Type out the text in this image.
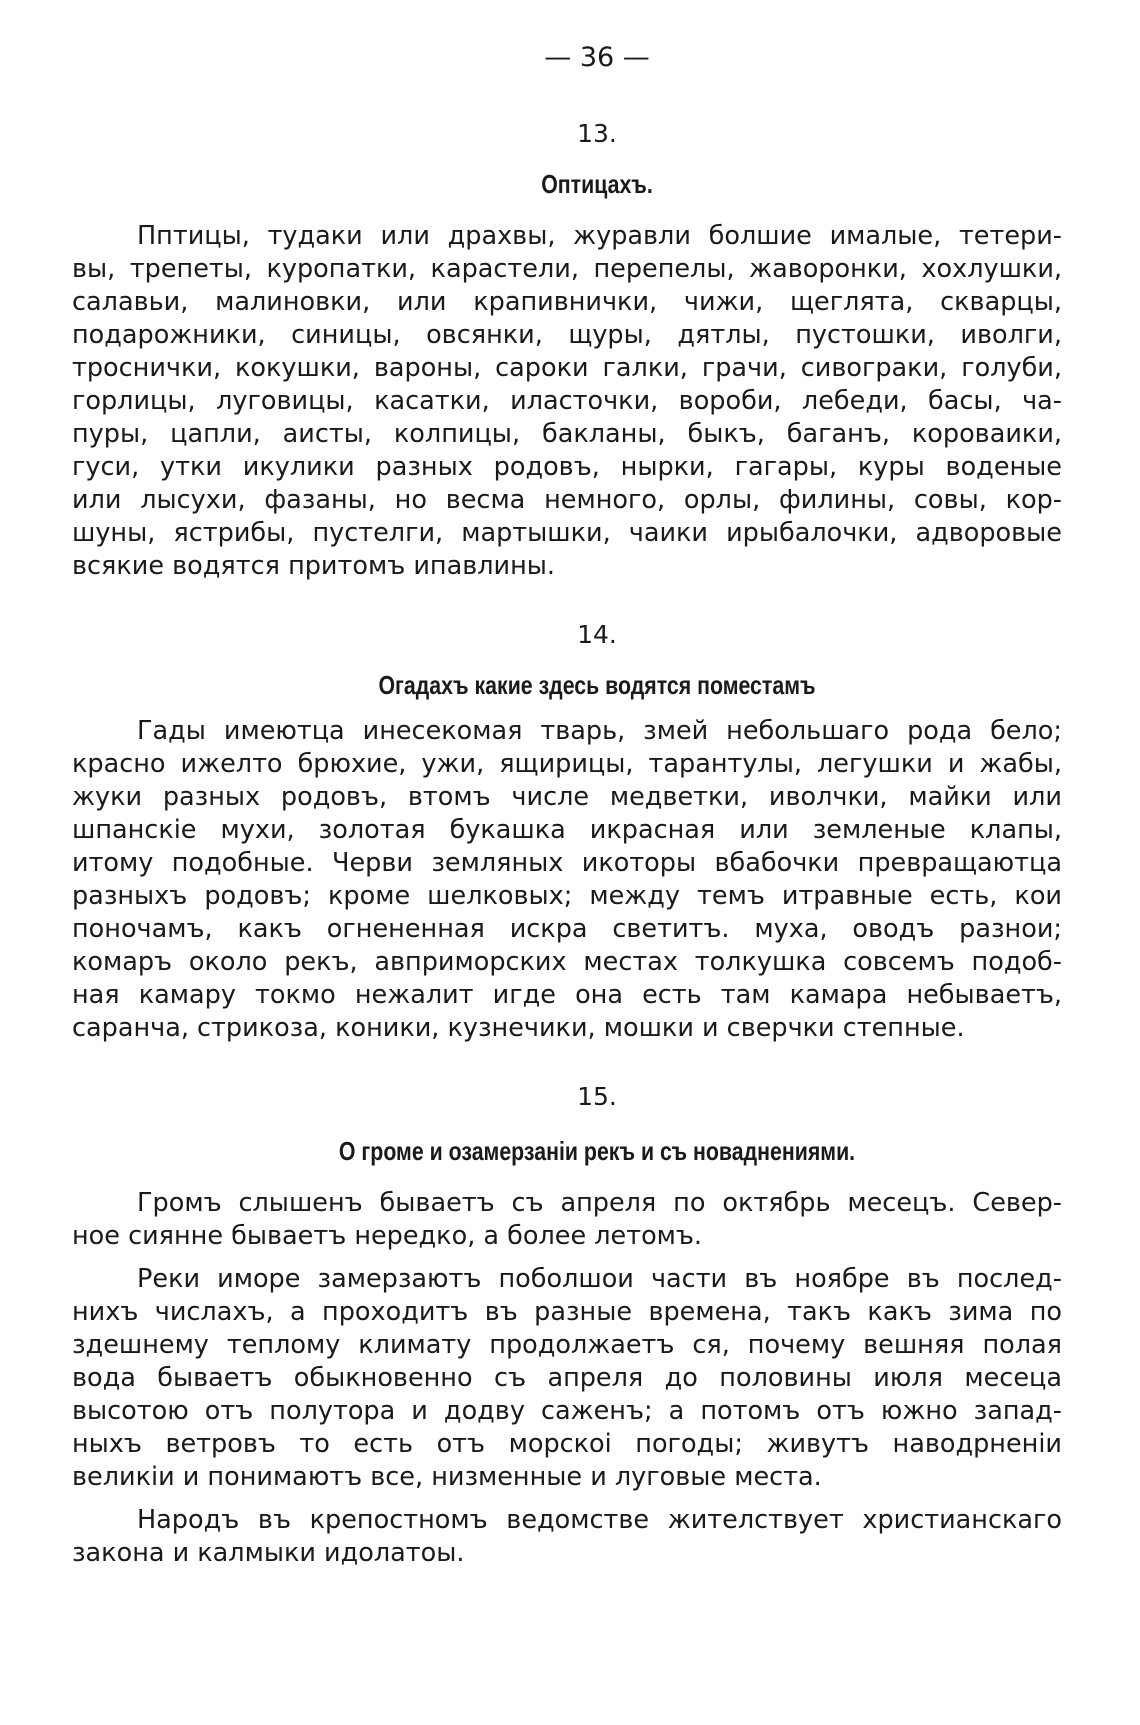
— 36 —
13.
Оптицахъ.
Пптицы, тудаки или драхвы, журавли болшие ималые, тетери-
вы, трепеты, куропатки, карастели, перепелы, жаворонки, хохлушки,
салавьи, малиновки, или крапивнички, чижи, щеглята, скварцы,
подарожники, синицы, овсянки, щуры, дятлы, пустошки, иволги,
троснички, кокушки, вароны, сароки галки, грачи, сивограки, голуби,
горлицы, луговицы, касатки, иласточки, вороби, лебеди, басы, ча-
пуры, цапли, аисты, колпицы, бакланы, быкъ, баганъ, короваики,
гуси, утки икулики разных родовъ, нырки, гагары, куры воденые
или лысухи, фазаны, но весма немного, орлы, филины, совы, кор-
шуны, ястрибы, пустелги, мартышки, чаики ирыбалочки, адворовые
всякие водятся притомъ ипавлины.
14.
Огадахъ какие здесь водятся поместамъ
Гады имеютца инесекомая тварь, змей небольшаго рода бело;
красно ижелто брюхие, ужи, ящирицы, тарантулы, легушки и жабы,
жуки разных родовъ, втомъ числе медветки, иволчки, майки или
шпанскiе мухи, золотая букашка икрасная или земленые клапы,
итому подобные. Черви земляных икоторы вбабочки превращаютца
разныхъ родовъ; кроме шелковых; между темъ итравные есть, кои
поночамъ, какъ огнененная искра светитъ. муха, оводъ разнои;
комаръ около рекъ, авприморских местах толкушка совсемъ подоб-
ная камару токмо нежалит игде она есть там камара небываетъ,
саранча, стрикоза, коники, кузнечики, мошки и сверчки степные.
15.
О громе и озамерзанiи рекъ и съ новаднениями.
Громъ слышенъ бываетъ съ апреля по октябрь месецъ. Север-
ное сиянне бываетъ нередко, а более летомъ.
Реки иморе замерзаютъ поболшои части въ ноябре въ послед-
нихъ числахъ, а проходитъ въ разные времена, такъ какъ зима по
здешнему теплому климату продолжаетъ ся, почему вешняя полая
вода бываетъ обыкновенно съ апреля до половины июля месеца
высотою отъ полутора и додву саженъ; а потомъ отъ южно запад-
ныхъ ветровъ то есть отъ морскоi погоды; живутъ наводрненiи
великiи и понимаютъ все, низменные и луговые места.
Народъ въ крепостномъ ведомстве жителствует христианскаго
закона и калмыки идолатоы.
